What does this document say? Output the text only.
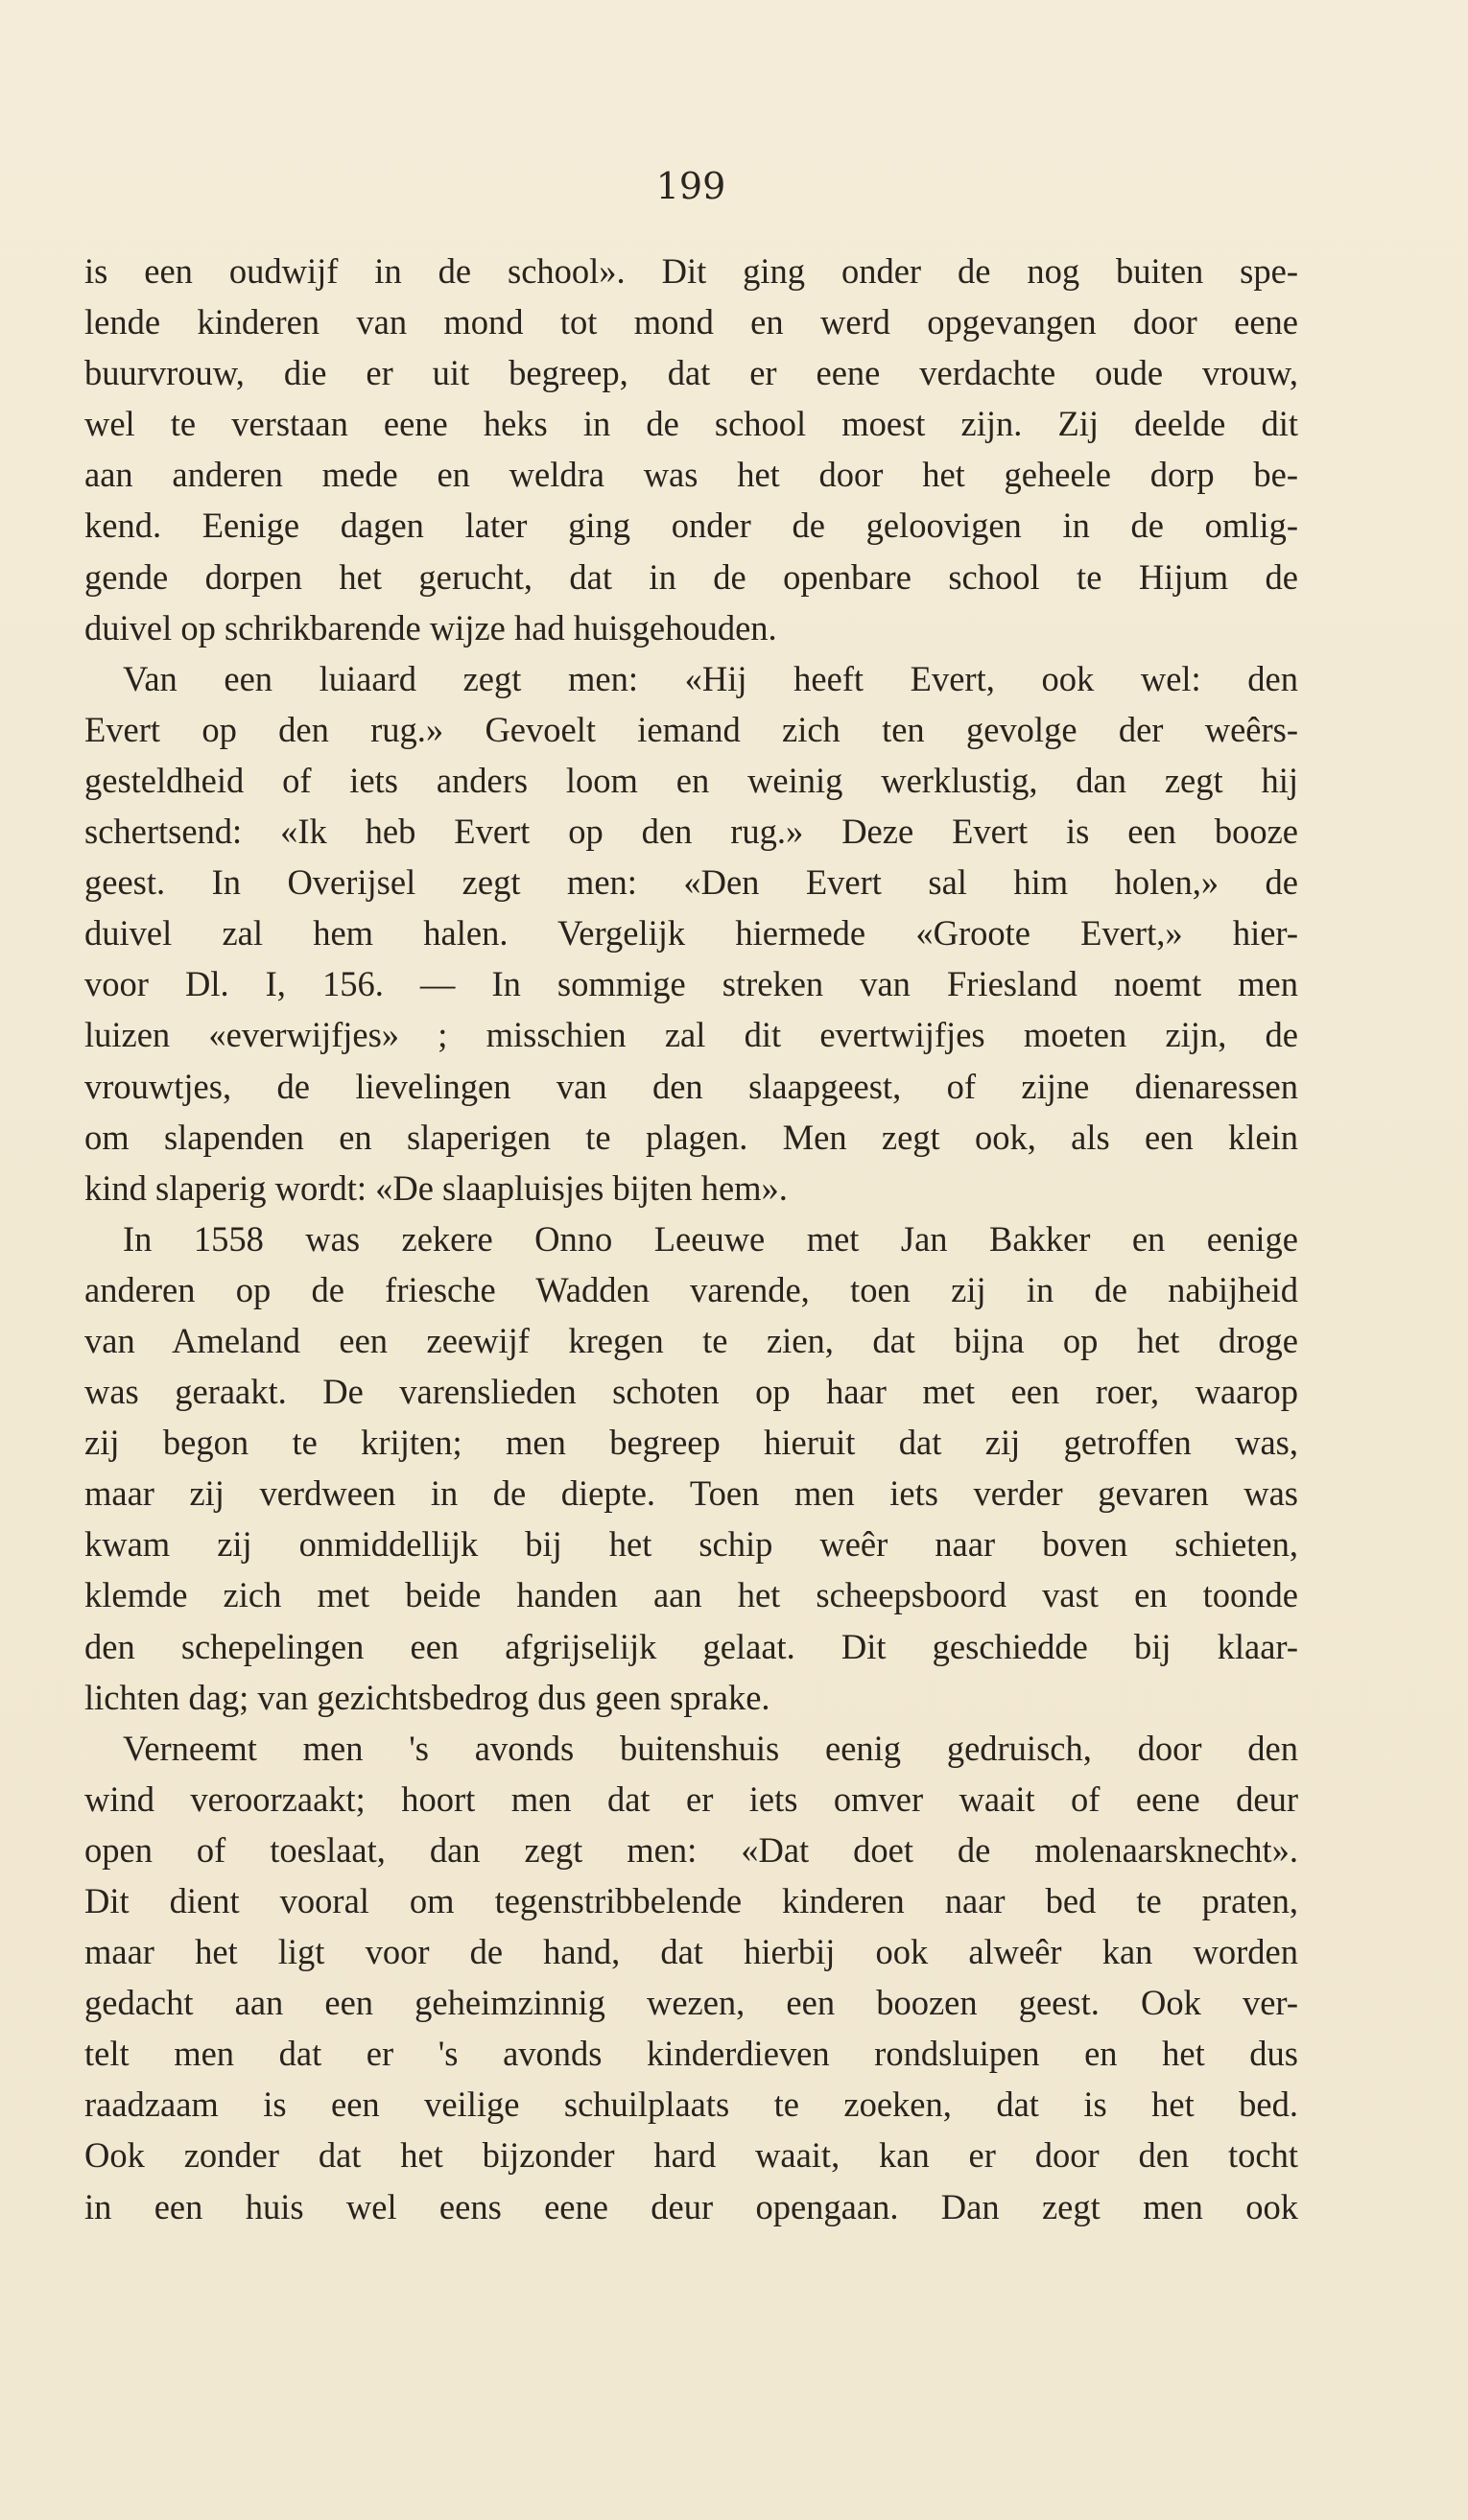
199
is een oudwijf in de school». Dit ging onder de nog buiten spe-
lende kinderen van mond tot mond en werd opgevangen door eene
buurvrouw, die er uit begreep, dat er eene verdachte oude vrouw,
wel te verstaan eene heks in de school moest zijn. Zij deelde dit
aan anderen mede en weldra was het door het geheele dorp be-
kend. Eenige dagen later ging onder de geloovigen in de omlig-
gende dorpen het gerucht, dat in de openbare school te Hijum de
duivel op schrikbarende wijze had huisgehouden.
Van een luiaard zegt men: «Hij heeft Evert, ook wel: den
Evert op den rug.» Gevoelt iemand zich ten gevolge der weêrs-
gesteldheid of iets anders loom en weinig werklustig, dan zegt hij
schertsend: «Ik heb Evert op den rug.» Deze Evert is een booze
geest. In Overijsel zegt men: «Den Evert sal him holen,» de
duivel zal hem halen. Vergelijk hiermede «Groote Evert,» hier-
voor Dl. I, 156. — In sommige streken van Friesland noemt men
luizen «everwijfjes» ; misschien zal dit evertwijfjes moeten zijn, de
vrouwtjes, de lievelingen van den slaapgeest, of zijne dienaressen
om slapenden en slaperigen te plagen. Men zegt ook, als een klein
kind slaperig wordt: «De slaapluisjes bijten hem».
In 1558 was zekere Onno Leeuwe met Jan Bakker en eenige
anderen op de friesche Wadden varende, toen zij in de nabijheid
van Ameland een zeewijf kregen te zien, dat bijna op het droge
was geraakt. De varenslieden schoten op haar met een roer, waarop
zij begon te krijten; men begreep hieruit dat zij getroffen was,
maar zij verdween in de diepte. Toen men iets verder gevaren was
kwam zij onmiddellijk bij het schip weêr naar boven schieten,
klemde zich met beide handen aan het scheepsboord vast en toonde
den schepelingen een afgrijselijk gelaat. Dit geschiedde bij klaar-
lichten dag; van gezichtsbedrog dus geen sprake.
Verneemt men 's avonds buitenshuis eenig gedruisch, door den
wind veroorzaakt; hoort men dat er iets omver waait of eene deur
open of toeslaat, dan zegt men: «Dat doet de molenaarsknecht».
Dit dient vooral om tegenstribbelende kinderen naar bed te praten,
maar het ligt voor de hand, dat hierbij ook alweêr kan worden
gedacht aan een geheimzinnig wezen, een boozen geest. Ook ver-
telt men dat er 's avonds kinderdieven rondsluipen en het dus
raadzaam is een veilige schuilplaats te zoeken, dat is het bed.
Ook zonder dat het bijzonder hard waait, kan er door den tocht
in een huis wel eens eene deur opengaan. Dan zegt men ook
